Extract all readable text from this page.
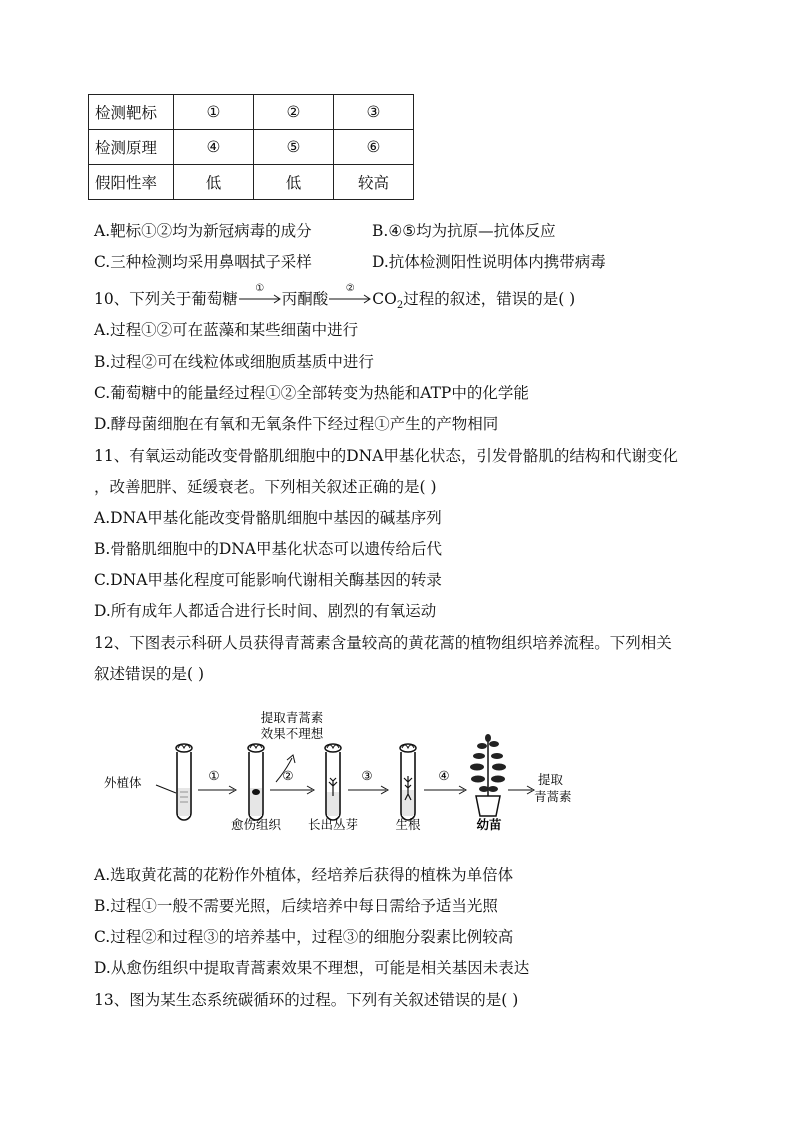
检测靶标	①	②	③
检测原理	④	⑤	⑥
假阳性率	低	低	较高
A.靶标①②均为新冠病毒的成分	B.④⑤均为抗原—抗体反应
C.三种检测均采用鼻咽拭子采样	D.抗体检测阳性说明体内携带病毒
10、下列关于葡萄糖
①
丙酮酸
②
$CO_2$过程的叙述，错误的是( )
A.过程①②可在蓝藻和某些细菌中进行
B.过程②可在线粒体或细胞质基质中进行
C.葡萄糖中的能量经过程①②全部转变为热能和ATP中的化学能
D.酵母菌细胞在有氧和无氧条件下经过程①产生的产物相同
11、有氧运动能改变骨骼肌细胞中的DNA甲基化状态，引发骨骼肌的结构和代谢变化
，改善肥胖、延缓衰老。下列相关叙述正确的是( )
A.DNA甲基化能改变骨骼肌细胞中基因的碱基序列
B.骨骼肌细胞中的DNA甲基化状态可以遗传给后代
C.DNA甲基化程度可能影响代谢相关酶基因的转录
D.所有成年人都适合进行长时间、剧烈的有氧运动
12、下图表示科研人员获得青蒿素含量较高的黄花蒿的植物组织培养流程。下列相关
叙述错误的是( )
提取青蒿素
效果不理想
外植体	①	②	③	④	提取
青蒿素
愈伤组织 长出丛芽	生根	幼苗
A.选取黄花蒿的花粉作外植体，经培养后获得的植株为单倍体
B.过程①一般不需要光照，后续培养中每日需给予适当光照
C.过程②和过程③的培养基中，过程③的细胞分裂素比例较高
D.从愈伤组织中提取青蒿素效果不理想，可能是相关基因未表达
13、图为某生态系统碳循环的过程。下列有关叙述错误的是( )
